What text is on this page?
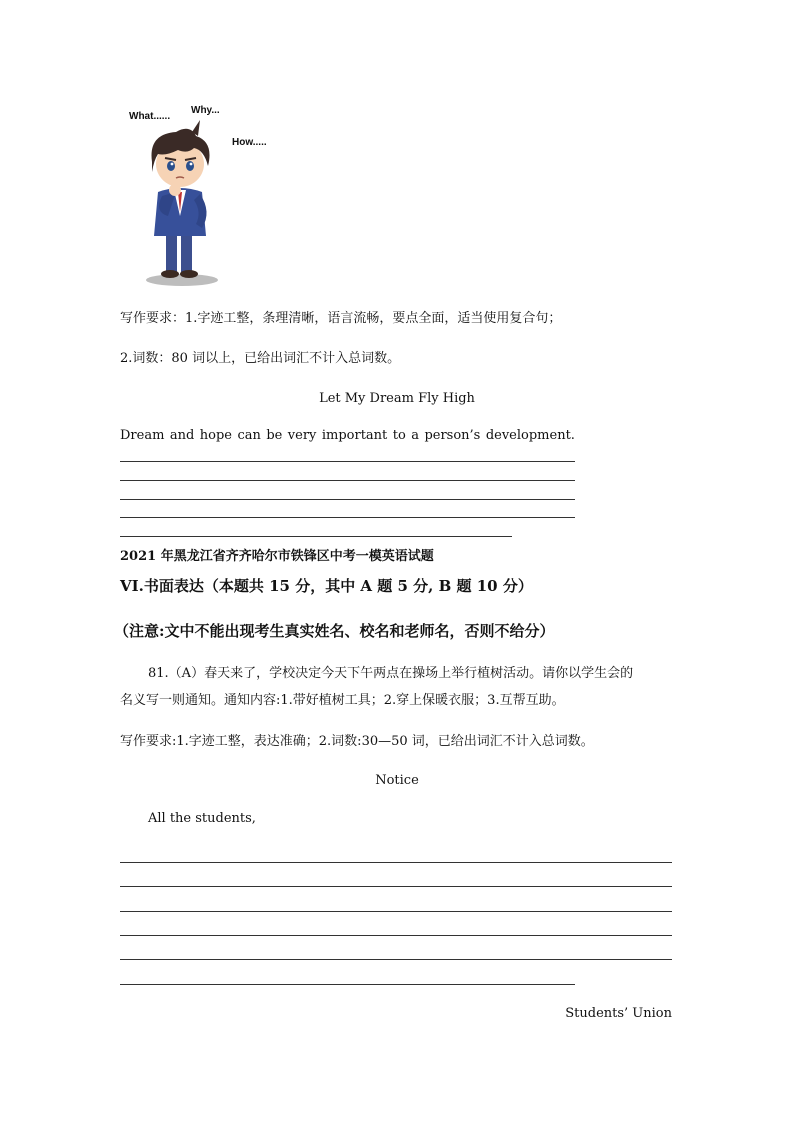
What......
Why...
How.....
写作要求：1.字迹工整，条理清晰，语言流畅，要点全面，适当使用复合句；
2.词数：80 词以上，已给出词汇不计入总词数。
Let My Dream Fly High
Dream and hope can be very important to a person’s development.
2021 年黑龙江省齐齐哈尔市铁锋区中考一模英语试题
VI.书面表达（本题共 15 分，其中 A 题 5 分, B 题 10 分）
（注意:文中不能出现考生真实姓名、校名和老师名，否则不给分）
81.（A）春天来了，学校决定今天下午两点在操场上举行植树活动。请你以学生会的
名义写一则通知。通知内容:1.带好植树工具；2.穿上保暖衣服；3.互帮互助。
写作要求:1.字迹工整，表达准确；2.词数:30—50 词，已给出词汇不计入总词数。
Notice
All the students,
Students’ Union
